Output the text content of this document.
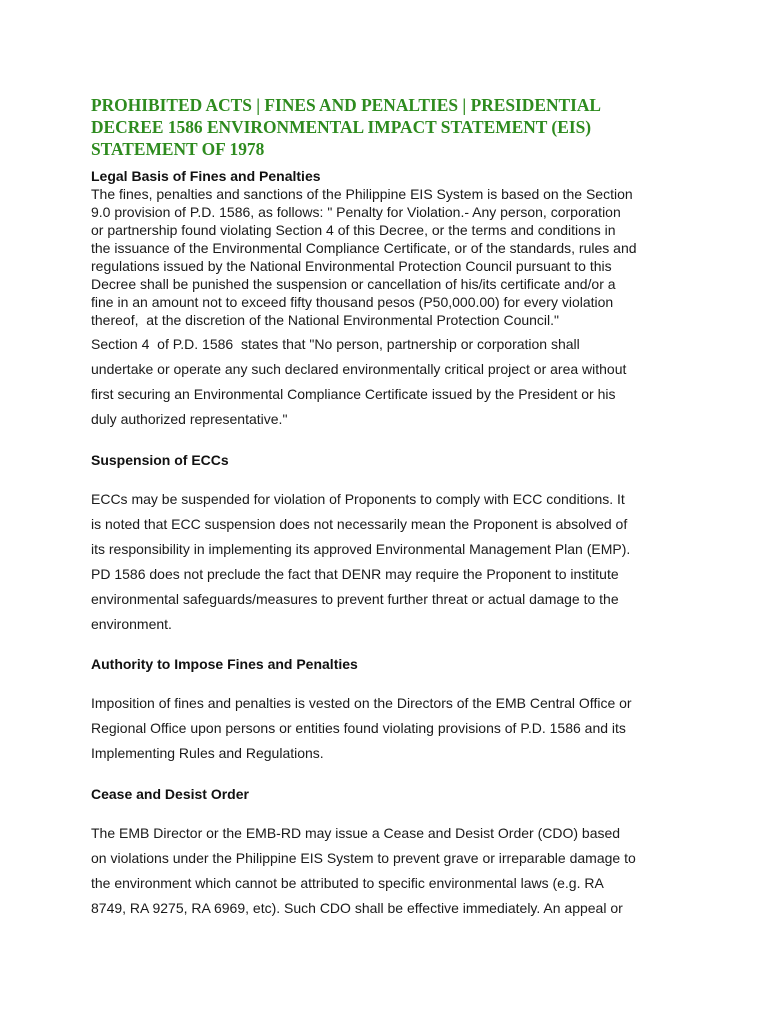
PROHIBITED ACTS | FINES AND PENALTIES | PRESIDENTIAL
DECREE 1586 ENVIRONMENTAL IMPACT STATEMENT (EIS)
STATEMENT OF 1978
Legal Basis of Fines and Penalties

The fines, penalties and sanctions of the Philippine EIS System is based on the Section
9.0 provision of P.D. 1586, as follows: " Penalty for Violation.- Any person, corporation
or partnership found violating Section 4 of this Decree, or the terms and conditions in
the issuance of the Environmental Compliance Certificate, or of the standards, rules and
regulations issued by the National Environmental Protection Council pursuant to this
Decree shall be punished the suspension or cancellation of his/its certificate and/or a
fine in an amount not to exceed fifty thousand pesos (P50,000.00) for every violation
thereof,  at the discretion of the National Environmental Protection Council."

Section 4  of P.D. 1586  states that "No person, partnership or corporation shall
undertake or operate any such declared environmentally critical project or area without
first securing an Environmental Compliance Certificate issued by the President or his
duly authorized representative."

Suspension of ECCs

ECCs may be suspended for violation of Proponents to comply with ECC conditions. It
is noted that ECC suspension does not necessarily mean the Proponent is absolved of
its responsibility in implementing its approved Environmental Management Plan (EMP).
PD 1586 does not preclude the fact that DENR may require the Proponent to institute
environmental safeguards/measures to prevent further threat or actual damage to the
environment.

Authority to Impose Fines and Penalties

Imposition of fines and penalties is vested on the Directors of the EMB Central Office or
Regional Office upon persons or entities found violating provisions of P.D. 1586 and its
Implementing Rules and Regulations.

Cease and Desist Order

The EMB Director or the EMB-RD may issue a Cease and Desist Order (CDO) based
on violations under the Philippine EIS System to prevent grave or irreparable damage to
the environment which cannot be attributed to specific environmental laws (e.g. RA
8749, RA 9275, RA 6969, etc). Such CDO shall be effective immediately. An appeal or
